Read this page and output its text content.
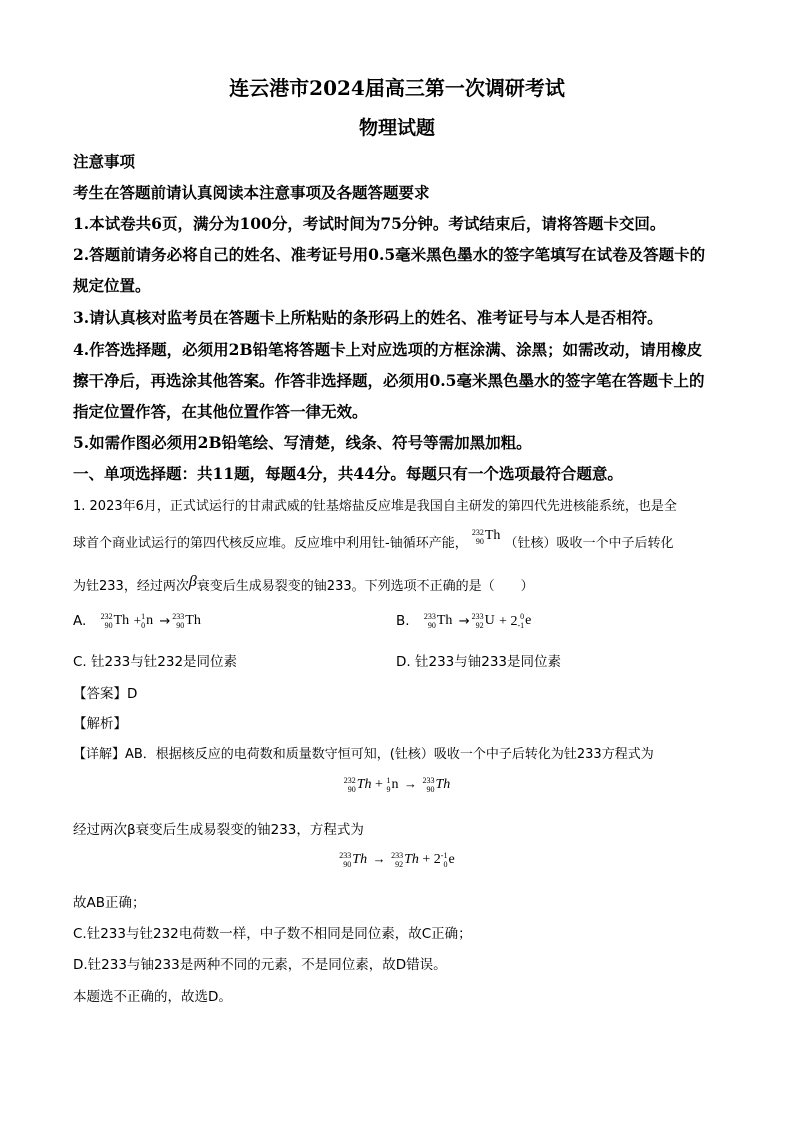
连云港市2024届高三第一次调研考试
物理试题
注意事项
考生在答题前请认真阅读本注意事项及各题答题要求
1.本试卷共6页，满分为100分，考试时间为75分钟。考试结束后，请将答题卡交回。
2.答题前请务必将自己的姓名、准考证号用0.5毫米黑色墨水的签字笔填写在试卷及答题卡的
规定位置。
3.请认真核对监考员在答题卡上所粘贴的条形码上的姓名、准考证号与本人是否相符。
4.作答选择题，必须用2B铅笔将答题卡上对应选项的方框涂满、涂黑；如需改动，请用橡皮
擦干净后，再选涂其他答案。作答非选择题，必须用0.5毫米黑色墨水的签字笔在答题卡上的
指定位置作答，在其他位置作答一律无效。
5.如需作图必须用2B铅笔绘、写清楚，线条、符号等需加黑加粗。
一、单项选择题：共11题，每题4分，共44分。每题只有一个选项最符合题意。
1. 2023年6月，正式试运行的甘肃武威的钍基熔盐反应堆是我国自主研发的第四代先进核能系统，也是全
球首个商业试运行的第四代核反应堆。反应堆中利用钍-铀循环产能，
232
90 Th （钍核）吸收一个中子后转化
为钍233，经过两次β衰变后生成易裂变的铀233。下列选项不正确的是（　　）
A. 232
90 Th + 1
0 n → 233
90 Th	B. 233
90 Th → 233
92 U + 2 0
-1 e
C. 钍233与钍232是同位素	D. 钍233与铀233是同位素
【答案】D
【解析】
【详解】AB．根据核反应的电荷数和质量数守恒可知，(钍核）吸收一个中子后转化为钍233方程式为
232
90 Th + 1
9 n → 233
90 Th
经过两次β衰变后生成易裂变的铀233，方程式为
233
90 Th → 233
92 Th + 2 -1
0 e
故AB正确；
C.钍233与钍232电荷数一样，中子数不相同是同位素，故C正确；
D.钍233与铀233是两种不同的元素，不是同位素，故D错误。
本题选不正确的，故选D。
